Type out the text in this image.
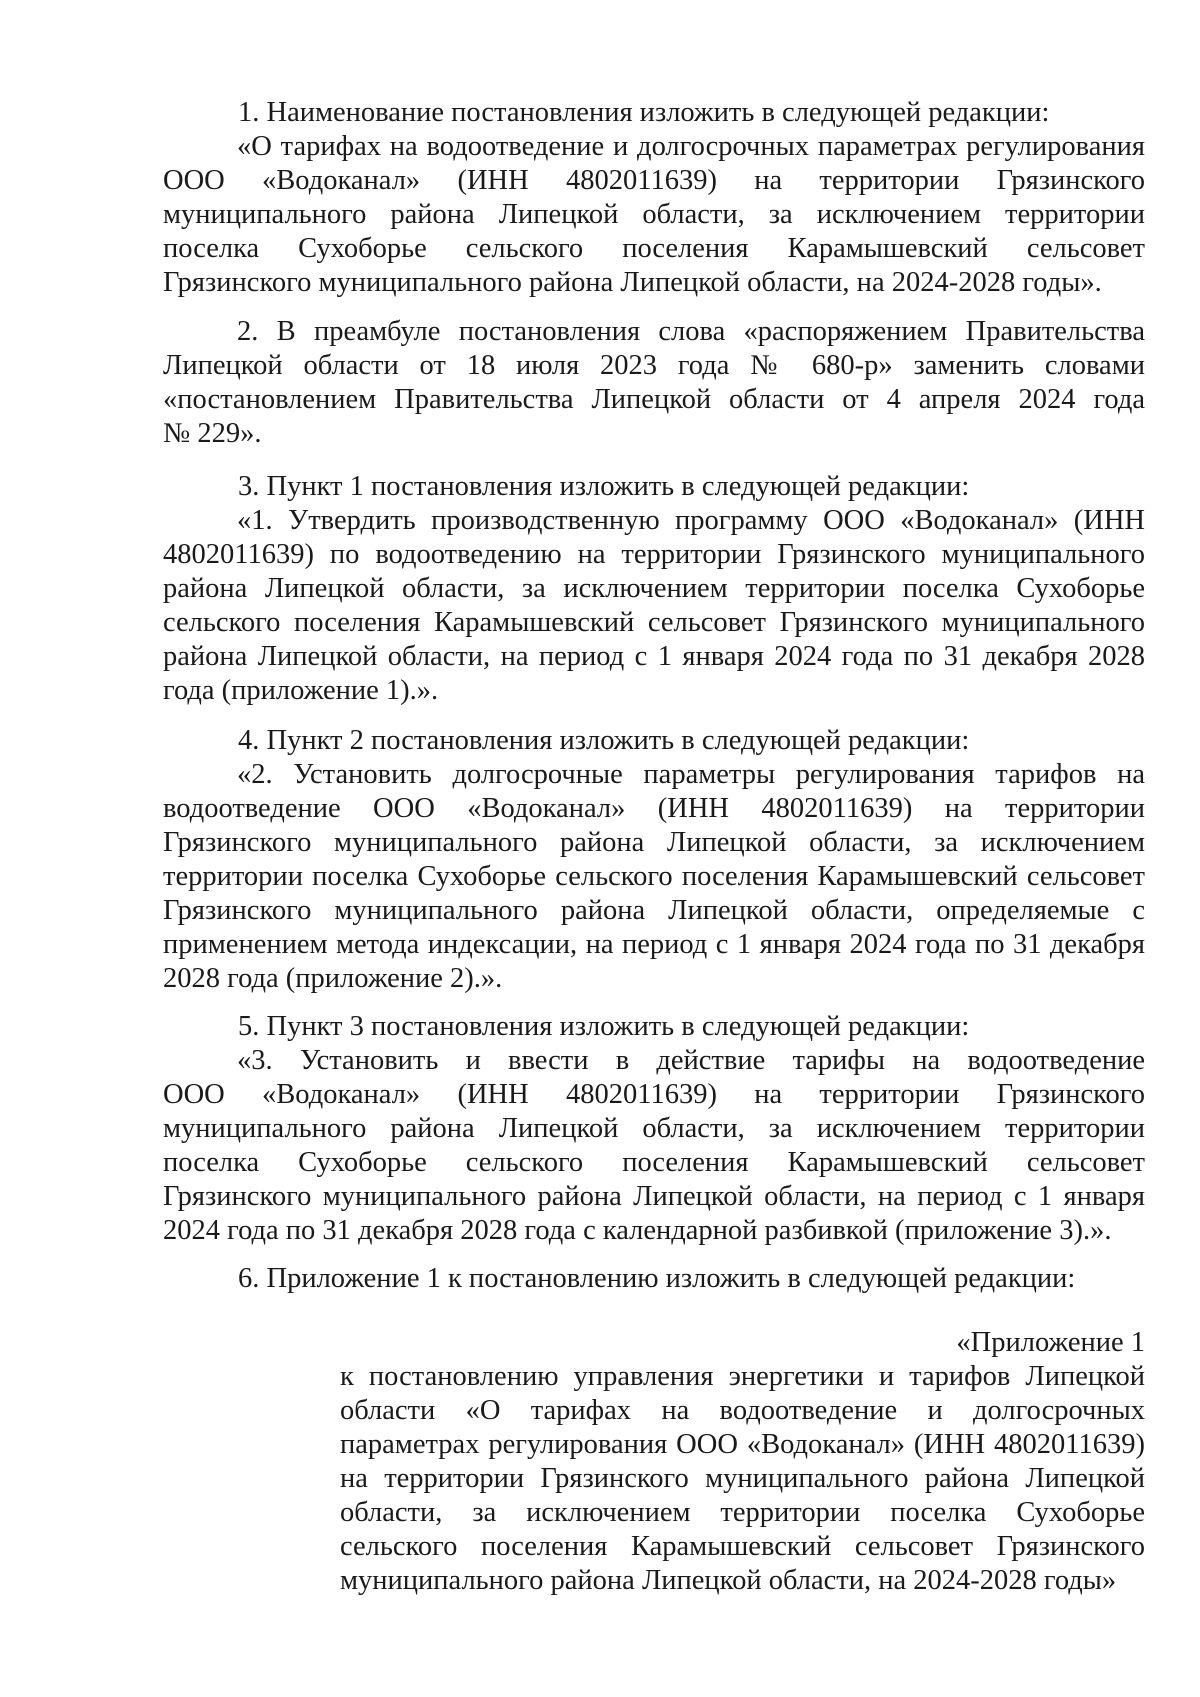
1. Наименование постановления изложить в следующей редакции:
«О тарифах на водоотведение и долгосрочных параметрах регулирования
ООО «Водоканал» (ИНН 4802011639) на территории Грязинского
муниципального района Липецкой области, за исключением территории
поселка Сухоборье сельского поселения Карамышевский сельсовет
Грязинского муниципального района Липецкой области, на 2024-2028 годы».
2. В преамбуле постановления слова «распоряжением Правительства
Липецкой области от 18 июля 2023 года № 680-р» заменить словами
«постановлением Правительства Липецкой области от 4 апреля 2024 года
№ 229».
3. Пункт 1 постановления изложить в следующей редакции:
«1. Утвердить производственную программу ООО «Водоканал» (ИНН
4802011639) по водоотведению на территории Грязинского муниципального
района Липецкой области, за исключением территории поселка Сухоборье
сельского поселения Карамышевский сельсовет Грязинского муниципального
района Липецкой области, на период с 1 января 2024 года по 31 декабря 2028
года (приложение 1).».
4. Пункт 2 постановления изложить в следующей редакции:
«2. Установить долгосрочные параметры регулирования тарифов на
водоотведение ООО «Водоканал» (ИНН 4802011639) на территории
Грязинского муниципального района Липецкой области, за исключением
территории поселка Сухоборье сельского поселения Карамышевский сельсовет
Грязинского муниципального района Липецкой области, определяемые с
применением метода индексации, на период с 1 января 2024 года по 31 декабря
2028 года (приложение 2).».
5. Пункт 3 постановления изложить в следующей редакции:
«3. Установить и ввести в действие тарифы на водоотведение
ООО «Водоканал» (ИНН 4802011639) на территории Грязинского
муниципального района Липецкой области, за исключением территории
поселка Сухоборье сельского поселения Карамышевский сельсовет
Грязинского муниципального района Липецкой области, на период с 1 января
2024 года по 31 декабря 2028 года с календарной разбивкой (приложение 3).».
6. Приложение 1 к постановлению изложить в следующей редакции:
«Приложение 1
к постановлению управления энергетики и тарифов Липецкой
области «О тарифах на водоотведение и долгосрочных
параметрах регулирования ООО «Водоканал» (ИНН 4802011639)
на территории Грязинского муниципального района Липецкой
области, за исключением территории поселка Сухоборье
сельского поселения Карамышевский сельсовет Грязинского
муниципального района Липецкой области, на 2024-2028 годы»
